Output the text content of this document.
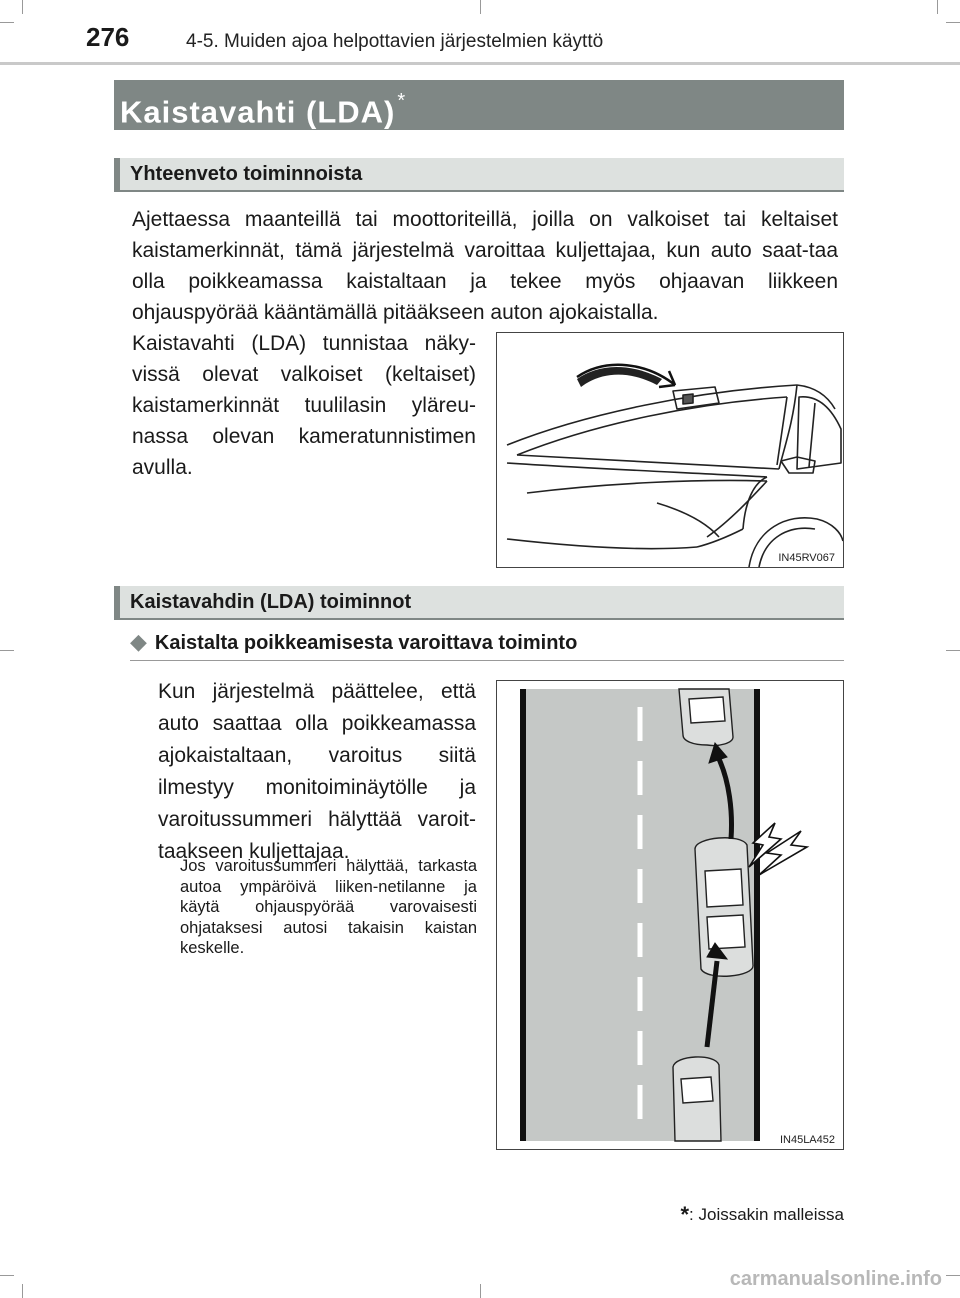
276	4-5. Muiden ajoa helpottavien järjestelmien käyttö
Kaistavahti (LDA) *
Yhteenveto toiminnoista
Ajettaessa maanteillä tai moottoriteillä, joilla on valkoiset tai keltaiset kaistamerkinnät, tämä järjestelmä varoittaa kuljettajaa, kun auto saat-taa olla poikkeamassa kaistaltaan ja tekee myös ohjaavan liikkeen ohjauspyörää kääntämällä pitääkseen auton ajokaistalla.
Kaistavahti (LDA) tunnistaa näky-vissä olevat valkoiset (keltaiset) kaistamerkinnät tuulilasin yläreu-nassa olevan kameratunnistimen avulla.
IN45RV067
Kaistavahdin (LDA) toiminnot
◆ Kaistalta poikkeamisesta varoittava toiminto
Kun järjestelmä päättelee, että auto saattaa olla poikkeamassa ajokaistaltaan, varoitus siitä ilmestyy monitoiminäytölle ja varoitussummeri hälyttää varoit-taakseen kuljettajaa.
Jos varoitussummeri hälyttää, tarkasta autoa ympäröivä liiken-netilanne ja käytä ohjauspyörää varovaisesti ohjataksesi autosi takaisin kaistan keskelle.
IN45LA452
*: Joissakin malleissa
carmanualsonline.info
